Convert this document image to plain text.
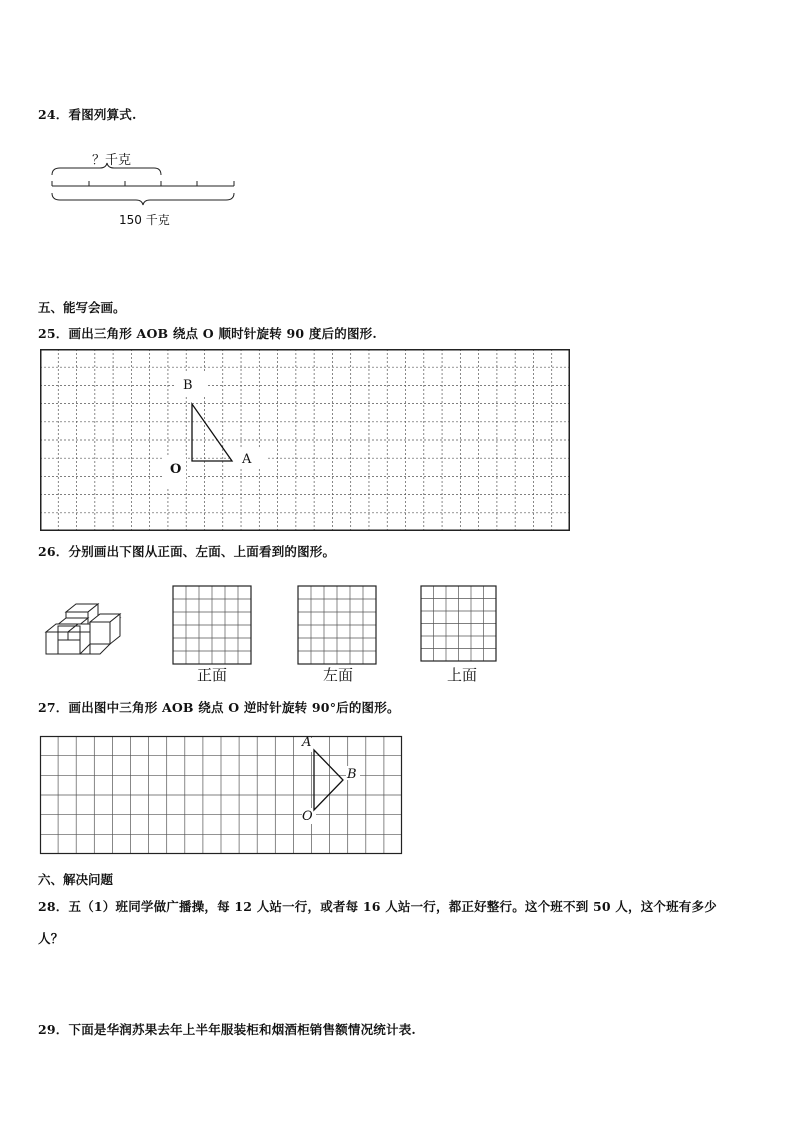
24．看图列算式.
？千克
150 千克
五、能写会画。
25．画出三角形 AOB 绕点 O 顺时针旋转 90 度后的图形.
B
A
O
26．分别画出下图从正面、左面、上面看到的图形。
正面	左面	上面
27．画出图中三角形 AOB 绕点 O 逆时针旋转 90°后的图形。
A
B
O
六、解决问题
28．五（1）班同学做广播操，每 12 人站一行，或者每 16 人站一行，都正好整行。这个班不到 50 人，这个班有多少
人？
29．下面是华润苏果去年上半年服装柜和烟酒柜销售额情况统计表.
